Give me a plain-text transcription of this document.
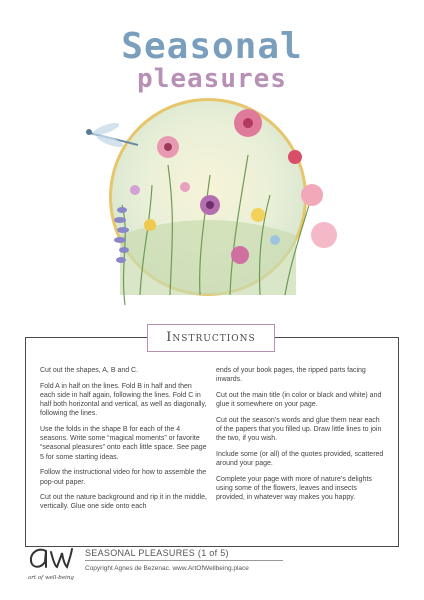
Seasonal
pleasures
Instructions

Cut out the shapes, A, B and C.

Fold A in half on the lines. Fold B in half and then each side in half again, following the lines. Fold C in half both horizontal and vertical, as well as diagonally, following the lines.

Use the folds in the shape B for each of the 4 seasons. Write some “magical moments” or favorite “seasonal pleasures” onto each little space. See page 5 for some starting ideas.

Follow the instructional video for how to assemble the pop-out paper.

Cut out the nature background and rip it in the middle, vertically. Glue one side onto each

ends of your book pages, the ripped parts facing inwards.

Cut out the main title (in color or black and white) and glue it somewhere on your page.

Cut out the season’s words and glue them near each of the papers that you filled up. Draw little lines to join the two, if you wish.

Include some (or all) of the quotes provided, scattered around your page.

Complete your page with more of nature’s delights using some of the flowers, leaves and insects provided, in whatever way makes you happy.

art of well-being
SEASONAL PLEASURES (1 of 5)
Copyright Agnes de Bezenac. www.ArtOfWellbeing.place
